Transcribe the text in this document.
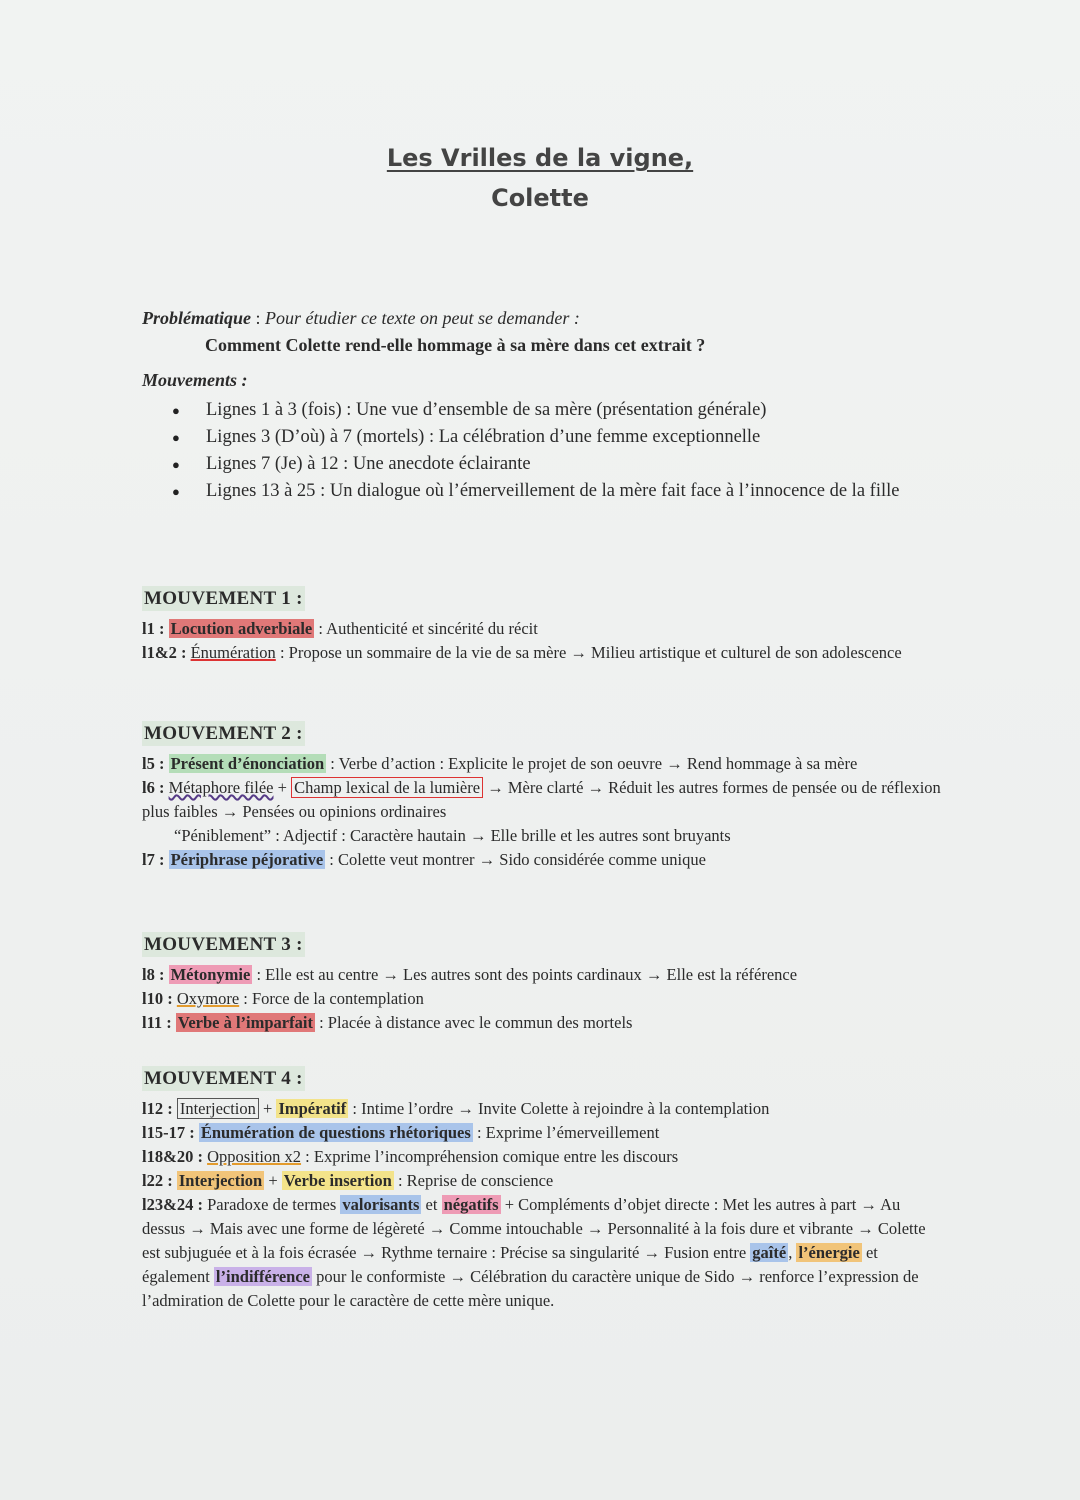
Les Vrilles de la vigne,
Colette
Problématique : Pour étudier ce texte on peut se demander :
Comment Colette rend-elle hommage à sa mère dans cet extrait ?
Mouvements :
● Lignes 1 à 3 (fois) : Une vue d’ensemble de sa mère (présentation générale)
● Lignes 3 (D’où) à 7 (mortels) : La célébration d’une femme exceptionnelle
● Lignes 7 (Je) à 12 : Une anecdote éclairante
● Lignes 13 à 25 : Un dialogue où l’émerveillement de la mère fait face à l’innocence de la fille
MOUVEMENT 1 :
l1 : Locution adverbiale : Authenticité et sincérité du récit
l1&2 : Énumération : Propose un sommaire de la vie de sa mère → Milieu artistique et culturel de son adolescence
MOUVEMENT 2 :
l5 : Présent d’énonciation : Verbe d’action : Explicite le projet de son oeuvre → Rend hommage à sa mère
l6 : Métaphore filée + Champ lexical de la lumière → Mère clarté → Réduit les autres formes de pensée ou de réflexion plus faibles → Pensées ou opinions ordinaires
“Péniblement” : Adjectif : Caractère hautain → Elle brille et les autres sont bruyants
l7 : Périphrase péjorative : Colette veut montrer → Sido considérée comme unique
MOUVEMENT 3 :
l8 : Métonymie : Elle est au centre → Les autres sont des points cardinaux → Elle est la référence
l10 : Oxymore : Force de la contemplation
l11 : Verbe à l’imparfait : Placée à distance avec le commun des mortels
MOUVEMENT 4 :
l12 : Interjection + Impératif : Intime l’ordre → Invite Colette à rejoindre à la contemplation
l15-17 : Énumération de questions rhétoriques : Exprime l’émerveillement
l18&20 : Opposition x2 : Exprime l’incompréhension comique entre les discours
l22 : Interjection + Verbe insertion : Reprise de conscience
l23&24 : Paradoxe de termes valorisants et négatifs + Compléments d’objet directe : Met les autres à part → Au dessus → Mais avec une forme de légèreté → Comme intouchable → Personnalité à la fois dure et vibrante → Colette est subjuguée et à la fois écrasée → Rythme ternaire : Précise sa singularité → Fusion entre gaîté , l’énergie et également l’indifférence pour le conformiste → Célébration du caractère unique de Sido → renforce l’expression de l’admiration de Colette pour le caractère de cette mère unique.
